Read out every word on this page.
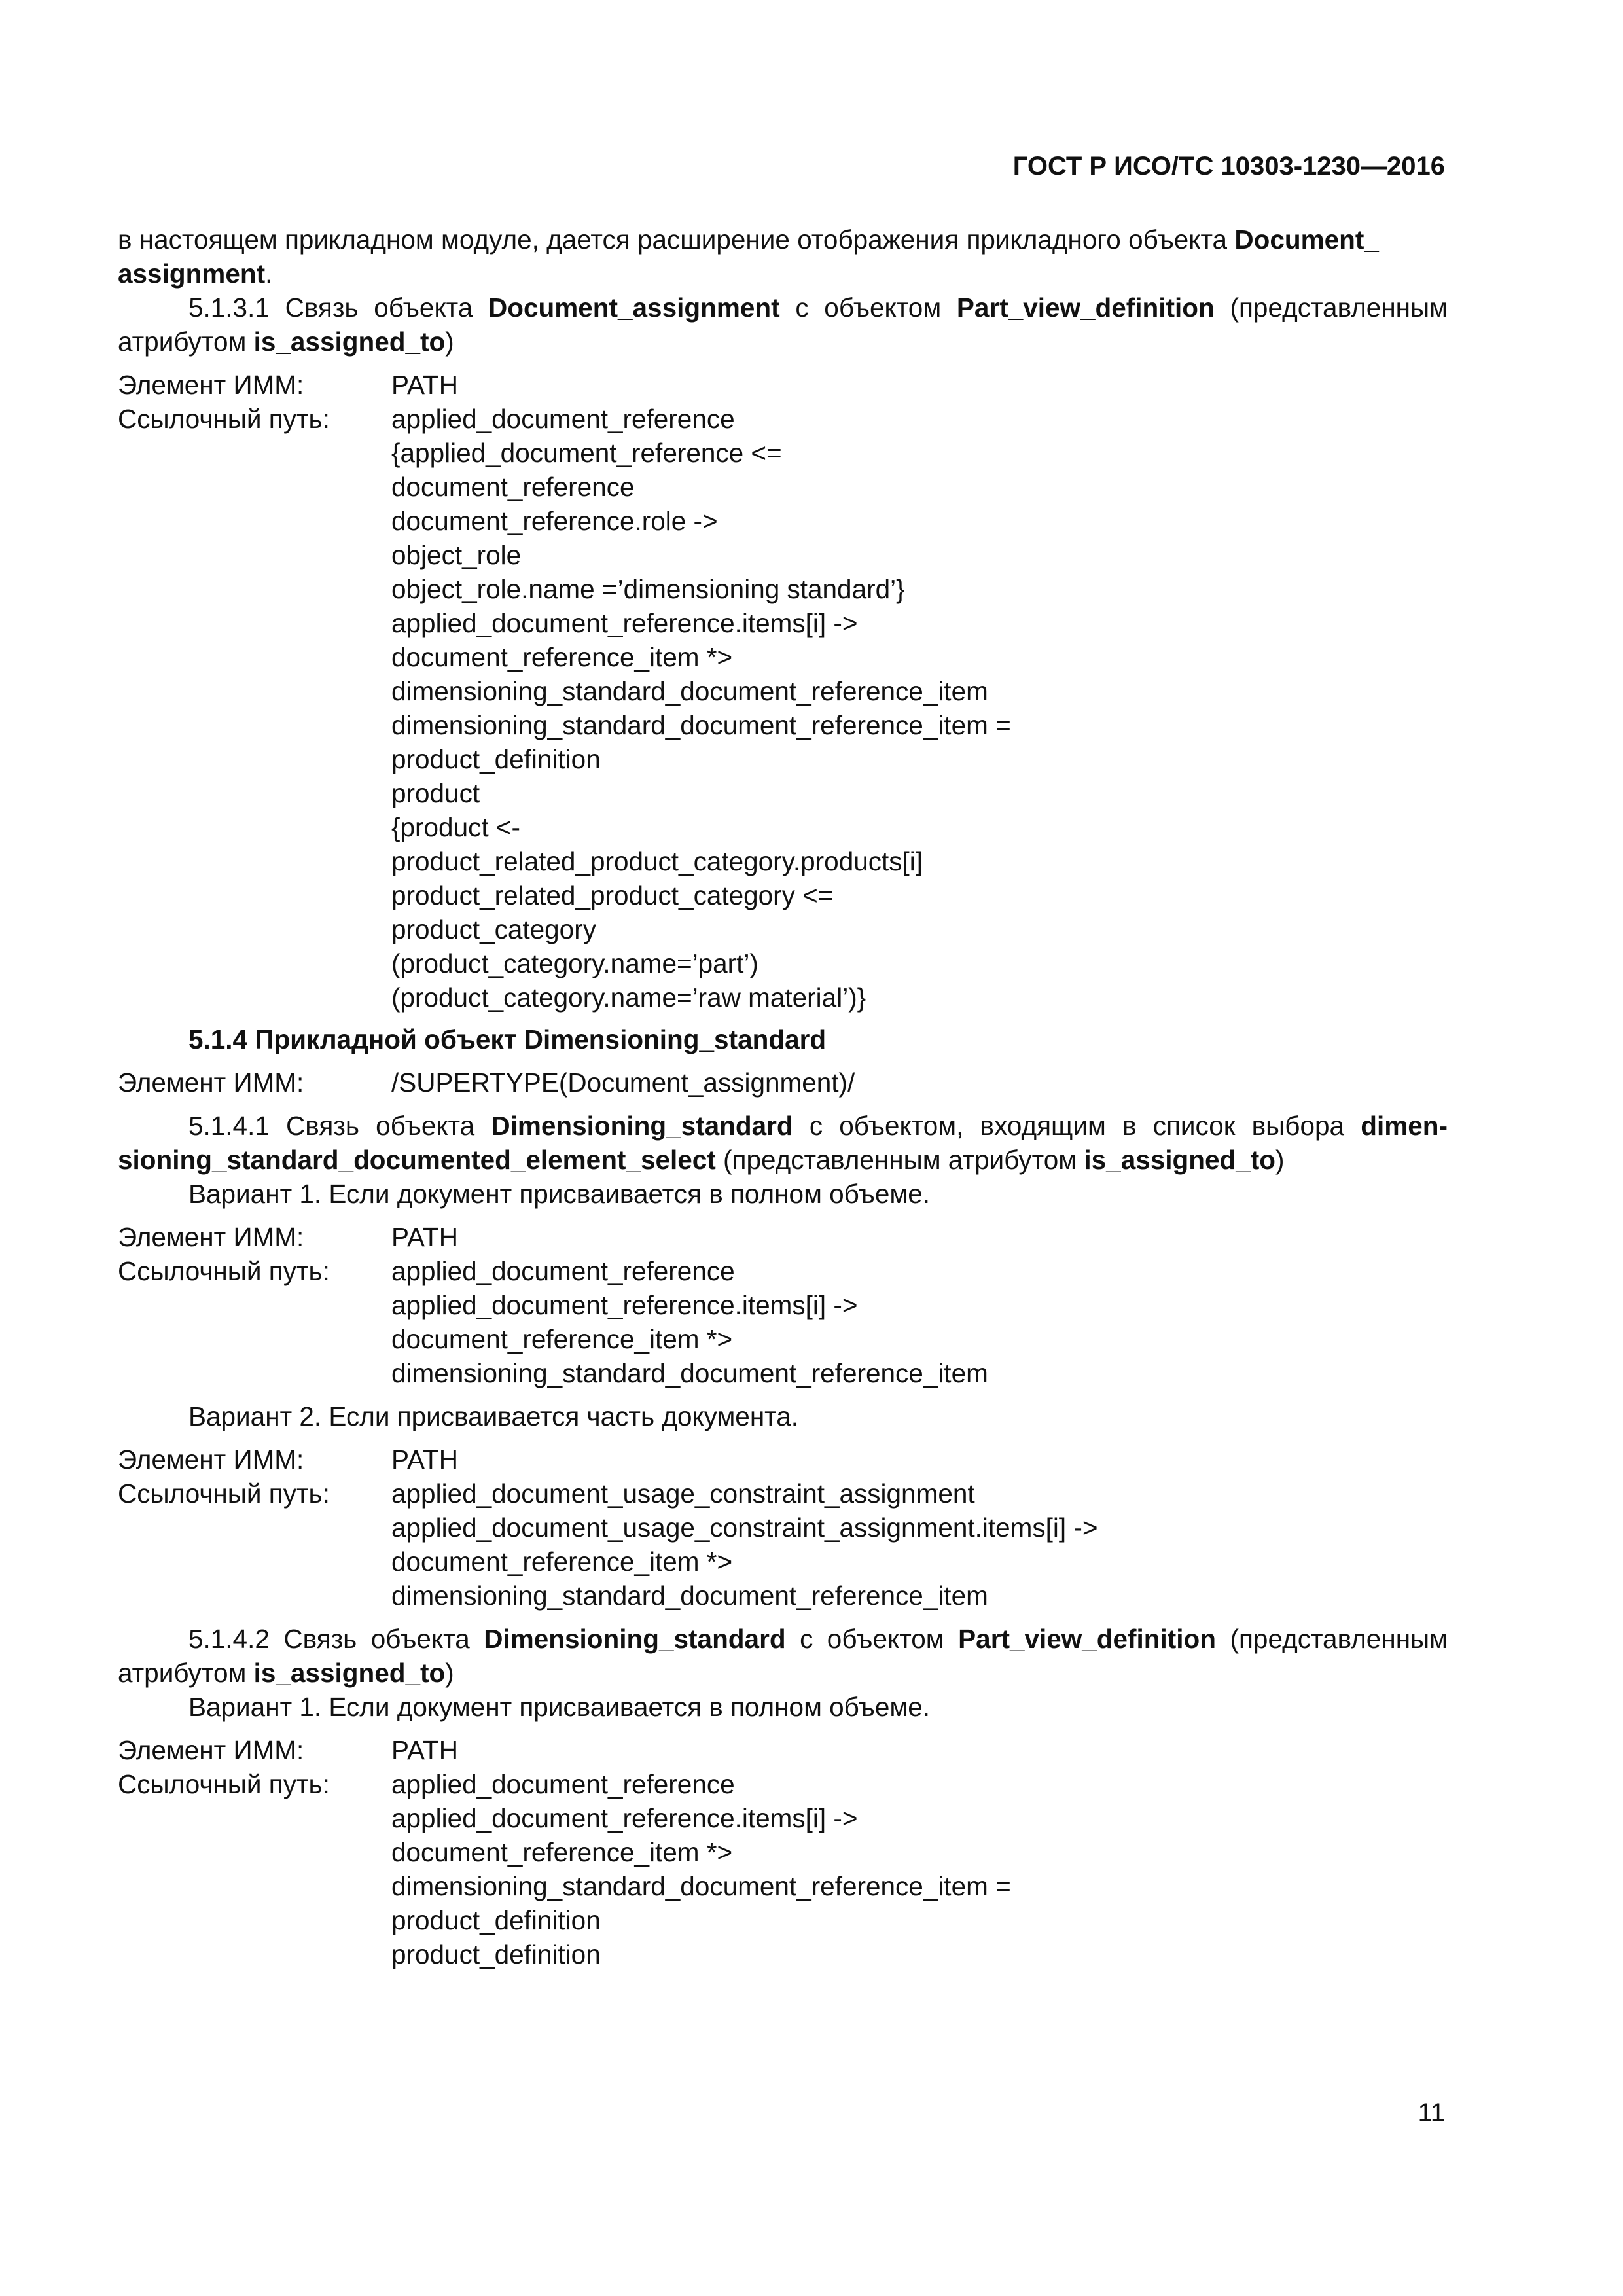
ГОСТ Р ИСО/ТС 10303-1230—2016

в настоящем прикладном модуле, дается расширение отображения прикладного объекта Document_
assignment.

5.1.3.1 Связь объекта Document_assignment с объектом Part_view_definition (представленным атрибутом is_assigned_to)

Элемент ИММ:	PATH
Ссылочный путь:	applied_document_reference
{applied_document_reference <=
document_reference
document_reference.role ->
object_role
object_role.name =’dimensioning standard’}
applied_document_reference.items[i] ->
document_reference_item *>
dimensioning_standard_document_reference_item
dimensioning_standard_document_reference_item =
product_definition
product
{product <-
product_related_product_category.products[i]
product_related_product_category <=
product_category
(product_category.name=’part’)
(product_category.name=’raw material’)}

5.1.4 Прикладной объект Dimensioning_standard

Элемент ИММ:	/SUPERTYPE(Document_assignment)/

5.1.4.1 Связь объекта Dimensioning_standard с объектом, входящим в список выбора dimen-sioning_standard_documented_element_select (представленным атрибутом is_assigned_to)

Вариант 1. Если документ присваивается в полном объеме.

Элемент ИММ:	PATH
Ссылочный путь:	applied_document_reference
applied_document_reference.items[i] ->
document_reference_item *>
dimensioning_standard_document_reference_item

Вариант 2. Если присваивается часть документа.

Элемент ИММ:	PATH
Ссылочный путь:	applied_document_usage_constraint_assignment
applied_document_usage_constraint_assignment.items[i] ->
document_reference_item *>
dimensioning_standard_document_reference_item

5.1.4.2 Связь объекта Dimensioning_standard с объектом Part_view_definition (представленным атрибутом is_assigned_to)

Вариант 1. Если документ присваивается в полном объеме.

Элемент ИММ:	PATH
Ссылочный путь:	applied_document_reference
applied_document_reference.items[i] ->
document_reference_item *>
dimensioning_standard_document_reference_item =
product_definition
product_definition
11
